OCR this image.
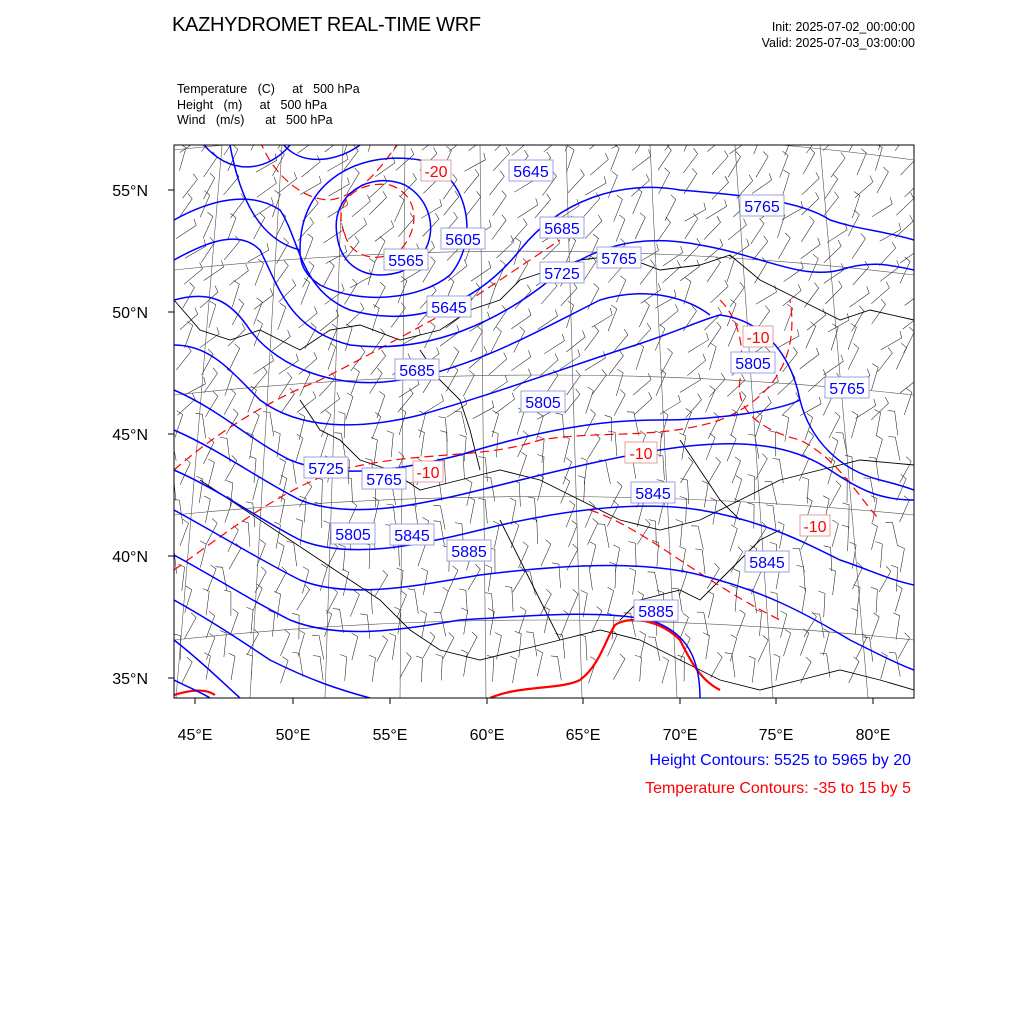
KAZHYDROMET REAL-TIME WRF	Init: 2025-07-02_00:00:00
Valid: 2025-07-03_03:00:00
Temperature   (C)     at   500 hPa
Height   (m)     at   500 hPa
Wind   (m/s)      at   500 hPa
5645
5685
5605
5565
5725
5765
5765
5645
5805
5765
5685
5805
5725
5765
5845
5805 5845
5885
5845
5885
-20
-10
-10
-10
-10
55°N
50°N
45°N
40°N
35°N
45°E	50°E	55°E	60°E	65°E	70°E	75°E	80°E
Height Contours: 5525 to 5965 by 20
Temperature Contours: -35 to 15 by 5
